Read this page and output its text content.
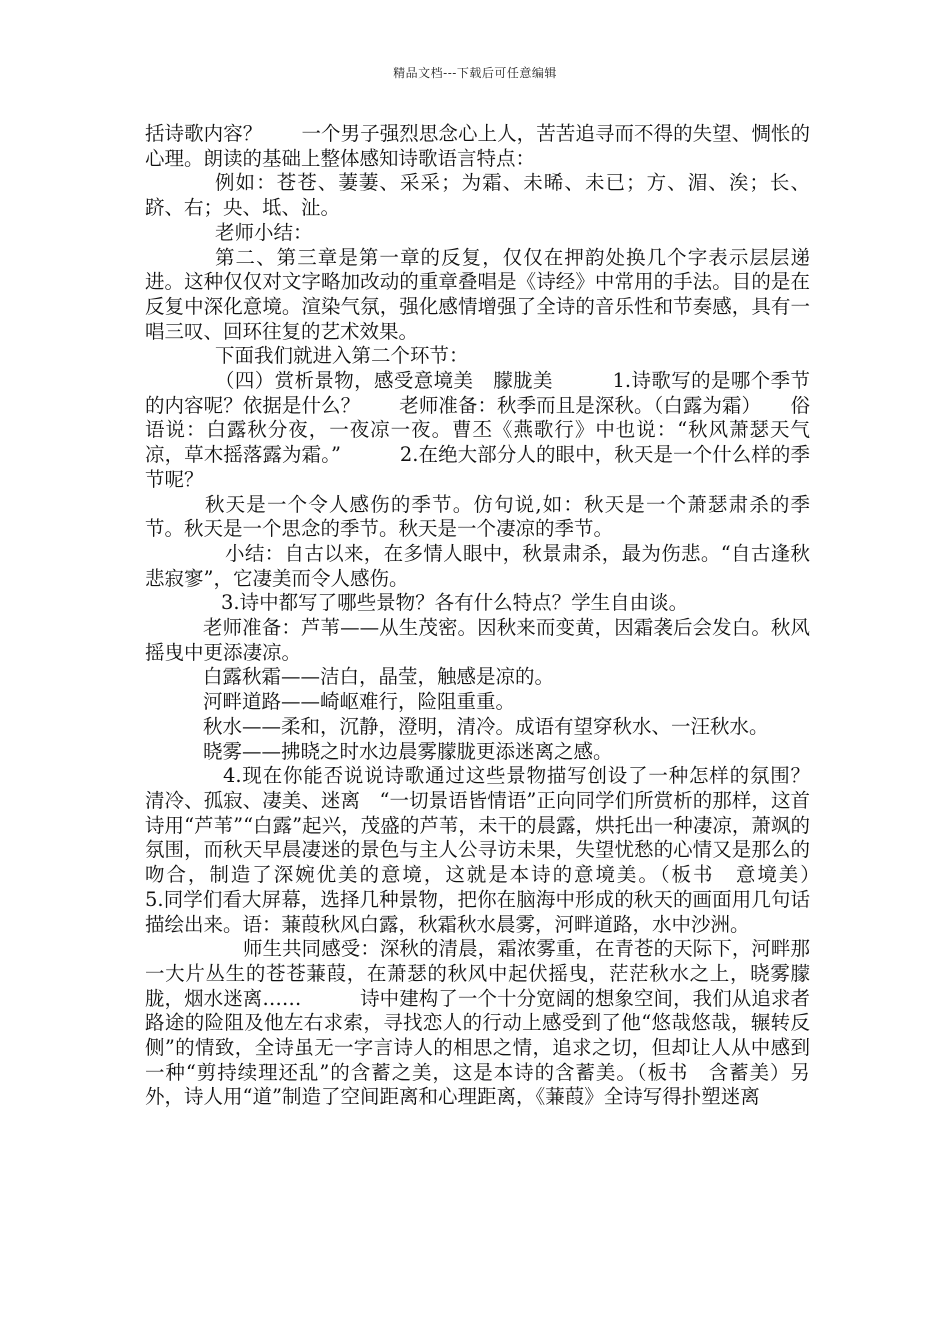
精品文档---下载后可任意编辑

括诗歌内容？　　一个男子强烈思念心上人，苦苦追寻而不得的失望、惆怅的心理。朗读的基础上整体感知诗歌语言特点：

例如：苍苍、萋萋、采采；为霜、未晞、未已；方、湄、涘；长、跻、右；央、坻、沚。

老师小结：

第二、第三章是第一章的反复，仅仅在押韵处换几个字表示层层递进。这种仅仅对文字略加改动的重章叠唱是《诗经》中常用的手法。目的是在反复中深化意境。渲染气氛，强化感情增强了全诗的音乐性和节奏感，具有一唱三叹、回环往复的艺术效果。

下面我们就进入第二个环节：

（四）赏析景物，感受意境美　朦胧美　　　1.诗歌写的是哪个季节的内容呢？依据是什么？　　老师准备：秋季而且是深秋。（白露为霜）　　俗语说：白露秋分夜，一夜凉一夜。曹丕《燕歌行》中也说：“秋风萧瑟天气凉，草木摇落露为霜。”　　　2.在绝大部分人的眼中，秋天是一个什么样的季节呢？

秋天是一个令人感伤的季节。仿句说,如：秋天是一个萧瑟肃杀的季节。秋天是一个思念的季节。秋天是一个凄凉的季节。

小结：自古以来，在多情人眼中，秋景肃杀，最为伤悲。“自古逢秋悲寂寥”，它凄美而令人感伤。

3.诗中都写了哪些景物？各有什么特点？学生自由谈。

老师准备：芦苇——从生茂密。因秋来而变黄，因霜袭后会发白。秋风摇曳中更添凄凉。

白露秋霜——洁白，晶莹，触感是凉的。

河畔道路——崎岖难行，险阻重重。

秋水——柔和，沉静，澄明，清冷。成语有望穿秋水、一汪秋水。

晓雾——拂晓之时水边晨雾朦胧更添迷离之感。

4.现在你能否说说诗歌通过这些景物描写创设了一种怎样的氛围？ 清冷、孤寂、凄美、迷离　“一切景语皆情语”正向同学们所赏析的那样，这首诗用“芦苇”“白露”起兴，茂盛的芦苇，未干的晨露，烘托出一种凄凉，萧飒的氛围，而秋天早晨凄迷的景色与主人公寻访未果，失望忧愁的心情又是那么的吻合，制造了深婉优美的意境，这就是本诗的意境美。（板书　意境美）　　　5.同学们看大屏幕，选择几种景物，把你在脑海中形成的秋天的画面用几句话描绘出来。语：蒹葭秋风白露，秋霜秋水晨雾，河畔道路，水中沙洲。

师生共同感受：深秋的清晨，霜浓雾重，在青苍的天际下，河畔那一大片丛生的苍苍蒹葭，在萧瑟的秋风中起伏摇曳，茫茫秋水之上，晓雾朦胧，烟水迷离……　　　诗中建构了一个十分宽阔的想象空间，我们从追求者路途的险阻及他左右求索，寻找恋人的行动上感受到了他“悠哉悠哉，辗转反侧”的情致，全诗虽无一字言诗人的相思之情，追求之切，但却让人从中感到一种“剪持续理还乱”的含蓄之美，这是本诗的含蓄美。（板书　含蓄美）另外，诗人用“道”制造了空间距离和心理距离，《蒹葭》全诗写得扑塑迷离
